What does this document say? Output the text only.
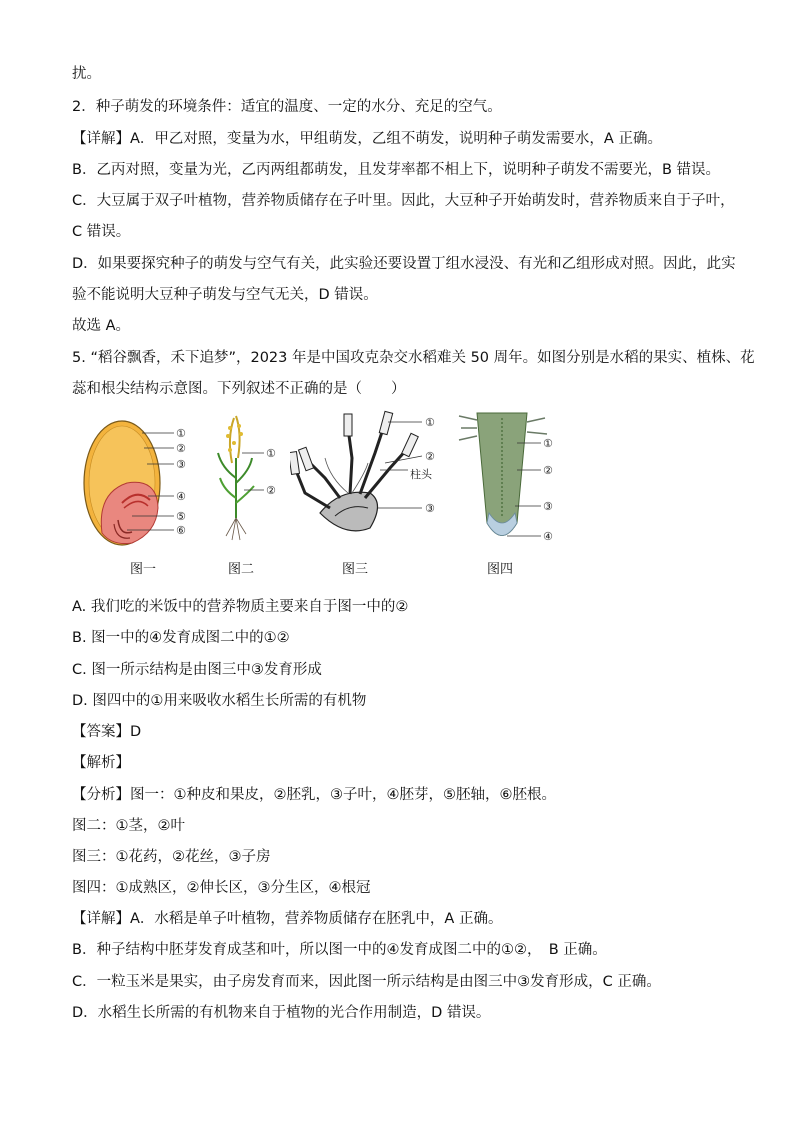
扰。
2．种子萌发的环境条件：适宜的温度、一定的水分、充足的空气。
【详解】A．甲乙对照，变量为水，甲组萌发，乙组不萌发，说明种子萌发需要水，A 正确。
B．乙丙对照，变量为光，乙丙两组都萌发，且发芽率都不相上下，说明种子萌发不需要光，B 错误。
C．大豆属于双子叶植物，营养物质储存在子叶里。因此，大豆种子开始萌发时，营养物质来自于子叶，
C 错误。
D．如果要探究种子的萌发与空气有关，此实验还要设置丁组水浸没、有光和乙组形成对照。因此，此实
验不能说明大豆种子萌发与空气无关，D 错误。
故选 A。
5. “稻谷飘香，禾下追梦”，2023 年是中国攻克杂交水稻难关 50 周年。如图分别是水稻的果实、植株、花
蕊和根尖结构示意图。下列叙述不正确的是（　　）
①
②
③
④
⑤
⑥
图一
①
②
图二
①
②
柱头
③
图三
①
②
③
④
图四
A. 我们吃的米饭中的营养物质主要来自于图一中的②
B. 图一中的④发育成图二中的①②
C. 图一所示结构是由图三中③发育形成
D. 图四中的①用来吸收水稻生长所需的有机物
【答案】D
【解析】
【分析】图一：①种皮和果皮，②胚乳，③子叶，④胚芽，⑤胚轴，⑥胚根。
图二：①茎，②叶
图三：①花药，②花丝，③子房
图四：①成熟区，②伸长区，③分生区，④根冠
【详解】A．水稻是单子叶植物，营养物质储存在胚乳中，A 正确。
B．种子结构中胚芽发育成茎和叶，所以图一中的④发育成图二中的①②，　B 正确。
C．一粒玉米是果实，由子房发育而来，因此图一所示结构是由图三中③发育形成，C 正确。
D．水稻生长所需的有机物来自于植物的光合作用制造，D 错误。
